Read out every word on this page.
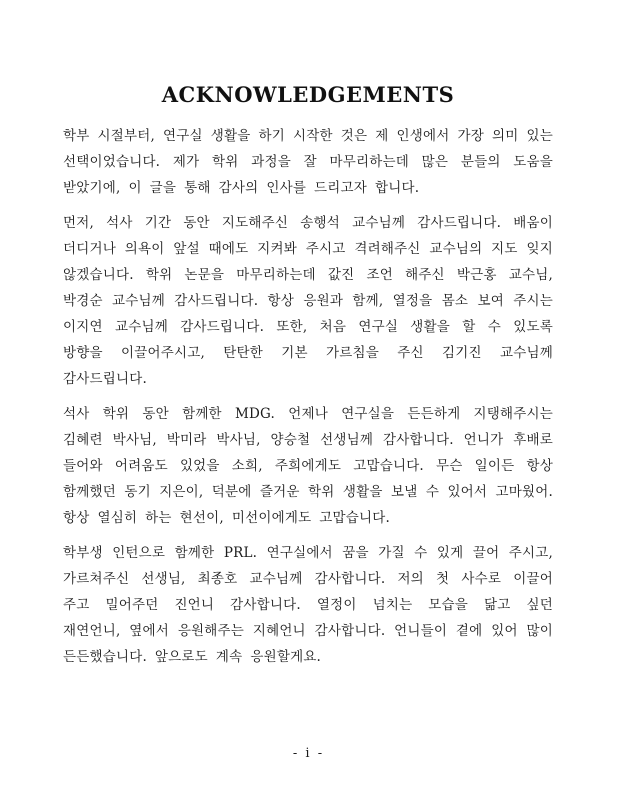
ACKNOWLEDGEMENTS

학부 시절부터, 연구실 생활을 하기 시작한 것은 제 인생에서 가장 의미 있는 선택이었습니다. 제가 학위 과정을 잘 마무리하는데 많은 분들의 도움을 받았기에, 이 글을 통해 감사의 인사를 드리고자 합니다.

먼저, 석사 기간 동안 지도해주신 송행석 교수님께 감사드립니다. 배움이 더디거나 의욕이 앞설 때에도 지켜봐 주시고 격려해주신 교수님의 지도 잊지 않겠습니다. 학위 논문을 마무리하는데 값진 조언 해주신 박근홍 교수님, 박경순 교수님께 감사드립니다. 항상 응원과 함께, 열정을 몸소 보여 주시는 이지연 교수님께 감사드립니다. 또한, 처음 연구실 생활을 할 수 있도록 방향을 이끌어주시고, 탄탄한 기본 가르침을 주신 김기진 교수님께 감사드립니다.

석사 학위 동안 함께한 MDG. 언제나 연구실을 든든하게 지탱해주시는 김혜련 박사님, 박미라 박사님, 양승철 선생님께 감사합니다. 언니가 후배로 들어와 어려움도 있었을 소희, 주희에게도 고맙습니다. 무슨 일이든 항상 함께했던 동기 지은이, 덕분에 즐거운 학위 생활을 보낼 수 있어서 고마웠어. 항상 열심히 하는 현선이, 미선이에게도 고맙습니다.

학부생 인턴으로 함께한 PRL. 연구실에서 꿈을 가질 수 있게 끌어 주시고, 가르쳐주신 선생님, 최종호 교수님께 감사합니다. 저의 첫 사수로 이끌어 주고 밀어주던 진언니 감사합니다. 열정이 넘치는 모습을 닮고 싶던 재연언니, 옆에서 응원해주는 지혜언니 감사합니다. 언니들이 곁에 있어 많이 든든했습니다. 앞으로도 계속 응원할게요.

- i -
